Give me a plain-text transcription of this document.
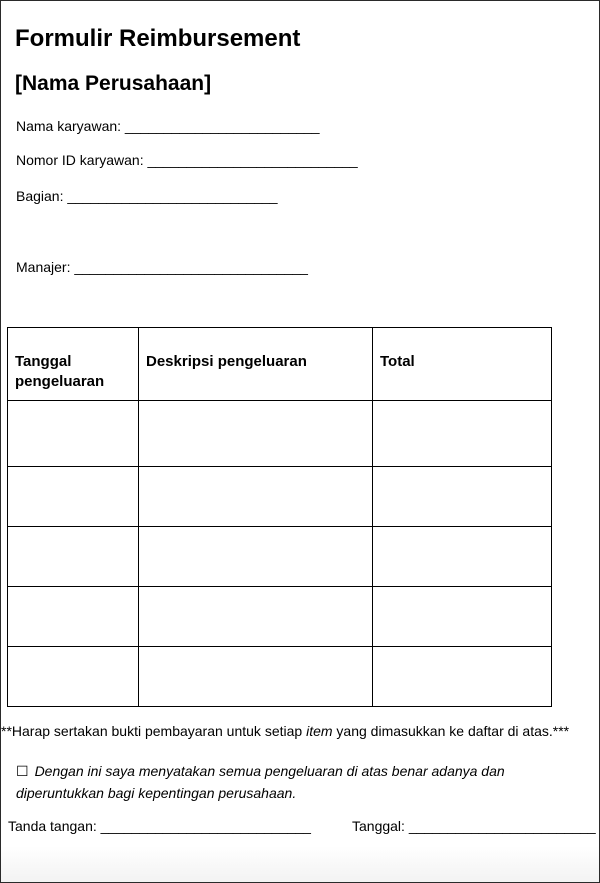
Formulir Reimbursement
[Nama Perusahaan]
Nama karyawan: _________________________
Nomor ID karyawan: ___________________________
Bagian: ___________________________
Manajer: ______________________________
Tanggal pengeluaran	Deskripsi pengeluaran	Total

**Harap sertakan bukti pembayaran untuk setiap item yang dimasukkan ke daftar di atas.***
☐ Dengan ini saya menyatakan semua pengeluaran di atas benar adanya dan diperuntukkan bagi kepentingan perusahaan.
Tanda tangan: ___________________________	Tanggal: ________________________
